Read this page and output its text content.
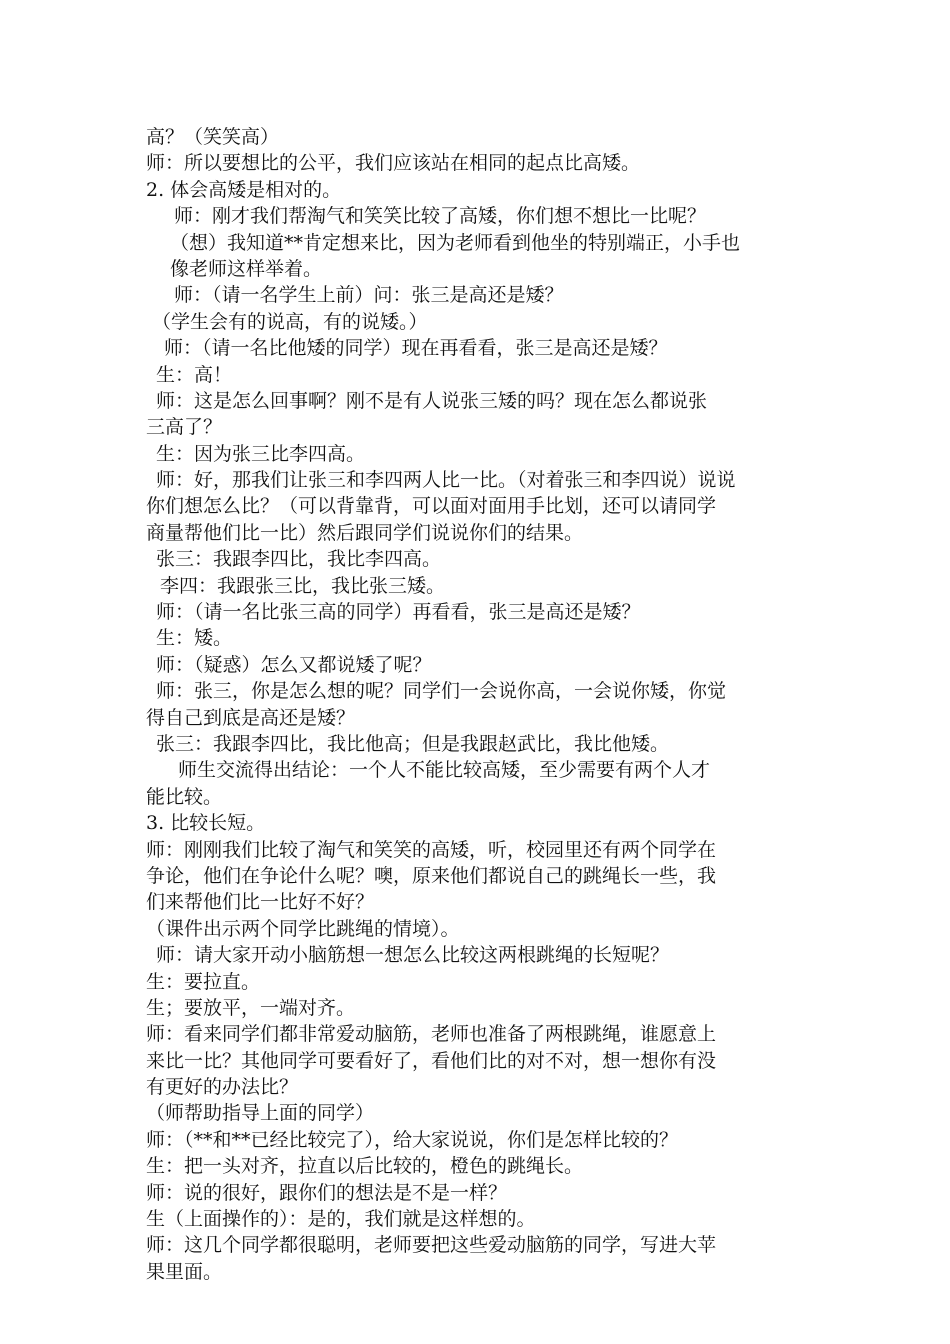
高？（笑笑高）
师：所以要想比的公平，我们应该站在相同的起点比高矮。
2. 体会高矮是相对的。
师：刚才我们帮淘气和笑笑比较了高矮，你们想不想比一比呢？
（想）我知道**肯定想来比，因为老师看到他坐的特别端正，小手也
像老师这样举着。
师：（请一名学生上前）问：张三是高还是矮？
（学生会有的说高，有的说矮。）
师：（请一名比他矮的同学）现在再看看，张三是高还是矮？
生：高！
师：这是怎么回事啊？刚不是有人说张三矮的吗？现在怎么都说张
三高了？
生：因为张三比李四高。
师：好，那我们让张三和李四两人比一比。（对着张三和李四说）说说
你们想怎么比？（可以背靠背，可以面对面用手比划，还可以请同学
商量帮他们比一比）然后跟同学们说说你们的结果。
张三：我跟李四比，我比李四高。
李四：我跟张三比，我比张三矮。
师：（请一名比张三高的同学）再看看，张三是高还是矮？
生：矮。
师：（疑惑）怎么又都说矮了呢？
师：张三，你是怎么想的呢？同学们一会说你高，一会说你矮，你觉
得自己到底是高还是矮？
张三：我跟李四比，我比他高；但是我跟赵武比，我比他矮。
师生交流得出结论：一个人不能比较高矮，至少需要有两个人才
能比较。
3. 比较长短。
师：刚刚我们比较了淘气和笑笑的高矮，听，校园里还有两个同学在
争论，他们在争论什么呢？噢，原来他们都说自己的跳绳长一些，我
们来帮他们比一比好不好？
（课件出示两个同学比跳绳的情境）。
师：请大家开动小脑筋想一想怎么比较这两根跳绳的长短呢？
生：要拉直。
生；要放平，一端对齐。
师：看来同学们都非常爱动脑筋，老师也准备了两根跳绳，谁愿意上
来比一比？其他同学可要看好了，看他们比的对不对，想一想你有没
有更好的办法比？
（师帮助指导上面的同学）
师：（**和**已经比较完了），给大家说说，你们是怎样比较的？
生：把一头对齐，拉直以后比较的，橙色的跳绳长。
师：说的很好，跟你们的想法是不是一样？
生（上面操作的）：是的，我们就是这样想的。
师：这几个同学都很聪明，老师要把这些爱动脑筋的同学，写进大苹
果里面。
